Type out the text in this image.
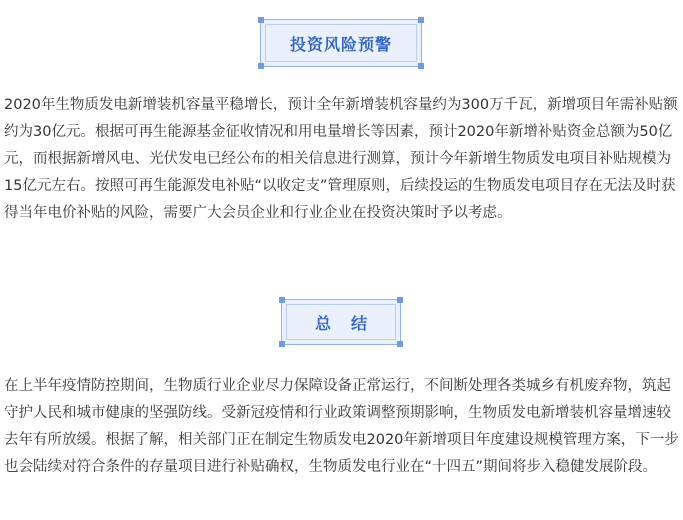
投资风险预警
2020年生物质发电新增装机容量平稳增长，预计全年新增装机容量约为300万千瓦，新增项目年需补贴额约为30亿元。根据可再生能源基金征收情况和用电量增长等因素，预计2020年新增补贴资金总额为50亿元，而根据新增风电、光伏发电已经公布的相关信息进行测算，预计今年新增生物质发电项目补贴规模为15亿元左右。按照可再生能源发电补贴“以收定支”管理原则，后续投运的生物质发电项目存在无法及时获得当年电价补贴的风险，需要广大会员企业和行业企业在投资决策时予以考虑。
总结
在上半年疫情防控期间，生物质行业企业尽力保障设备正常运行，不间断处理各类城乡有机废弃物，筑起守护人民和城市健康的坚强防线。受新冠疫情和行业政策调整预期影响，生物质发电新增装机容量增速较去年有所放缓。根据了解，相关部门正在制定生物质发电2020年新增项目年度建设规模管理方案，下一步也会陆续对符合条件的存量项目进行补贴确权，生物质发电行业在“十四五”期间将步入稳健发展阶段。
